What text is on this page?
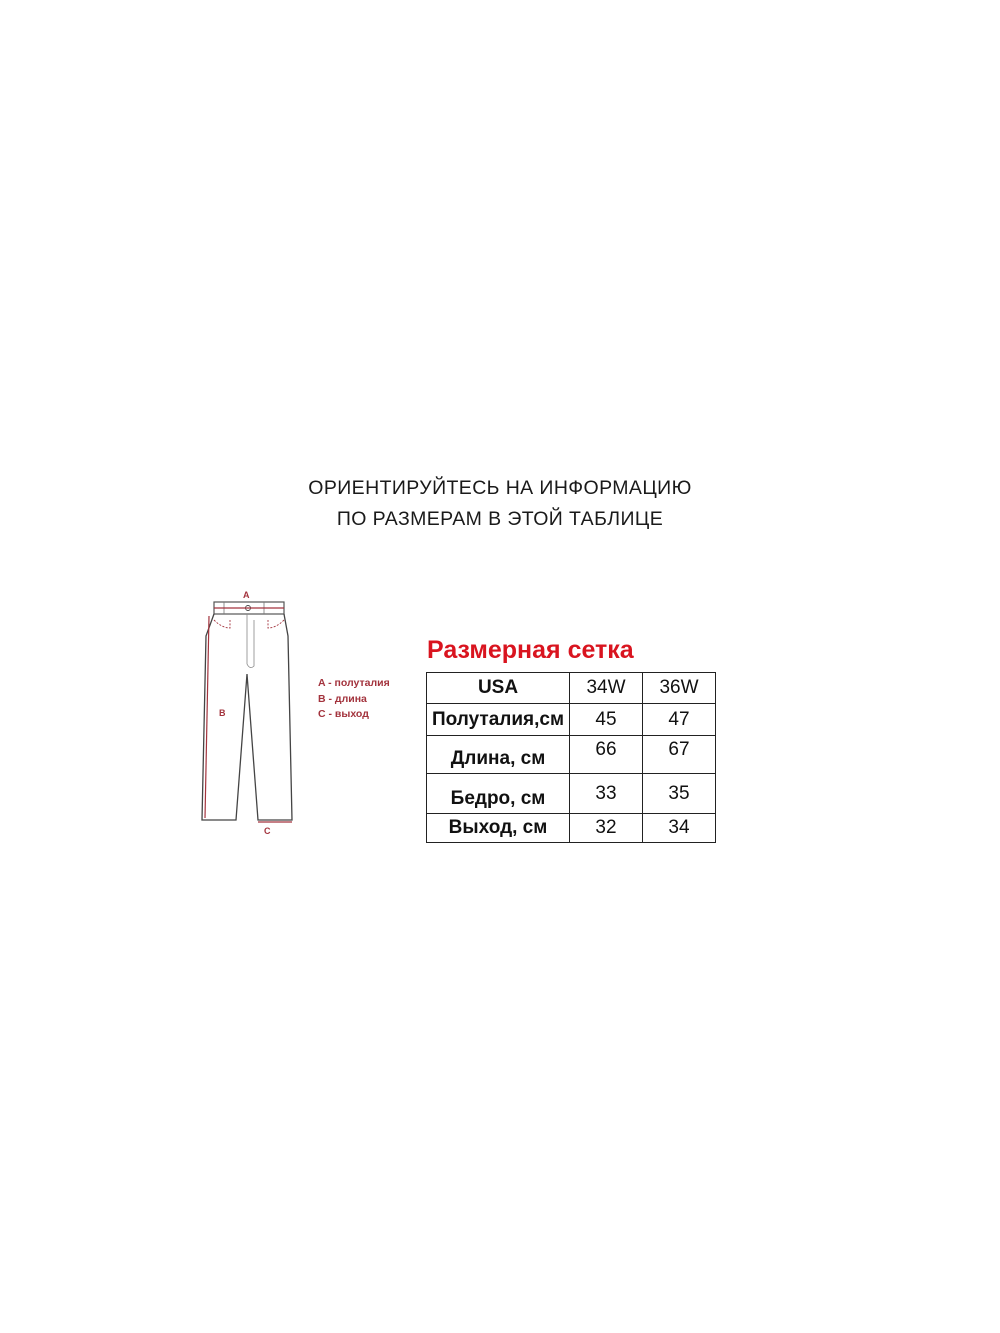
ОРИЕНТИРУЙТЕСЬ НА ИНФОРМАЦИЮ
ПО РАЗМЕРАМ В ЭТОЙ ТАБЛИЦЕ
A
B
C
A - полуталия
B - длина
C - выход
Размерная сетка
USA	34W	36W
Полуталия,см	45	47
Длина, см	66	67
Бедро, см	33	35
Выход, см	32	34
